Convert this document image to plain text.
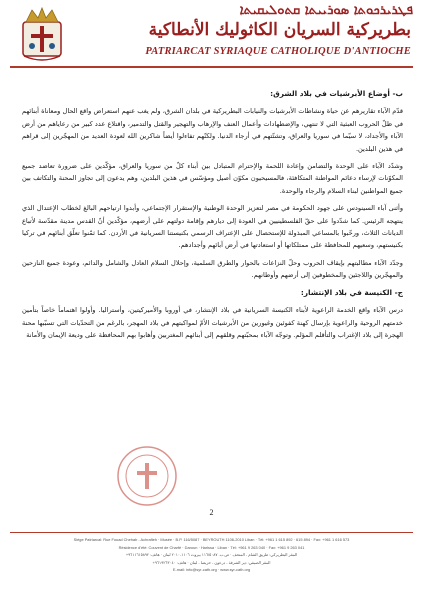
ܦܛܪܝܪܟܘܬܐ ܣܘܪܝܝܬܐ ܩܬܘܠܝܩܝܬܐ
بطريركية السريان الكاثوليك الأنطاكية
PATRIARCAT SYRIAQUE CATHOLIQUE D'ANTIOCHE
ب- أوضاع الأبرشيات في بلاد الشرق:

قدّم الآباء تقاريرهم عن حياة ونشاطات الأبرشيات والنيابات البطريركية في بلدان الشرق، ولم يغب عنهم استعراض واقع الحال ومعاناة أبنائهم في ظلّ الحروب العبثية التي لا تنتهي، والإضطهادات وأعمال العنف والإرهاب والتهجير والقتل والتدمير، واقتلاع عدد كبير من رعاياهم من أرض الآباء والأجداد، لا سيّما في سوريا والعراق، وتشتّتهم في أرجاء الدنيا. ولكنّهم تفاءلوا أيضاً شاكرين الله لعودة العديد من المهجّرين إلى قراهم في هذين البلدين.

وشدّد الآباء على الوحدة والتضامن وإعادة اللحمة والإحترام المتبادل بين أبناء كلّ من سوريا والعراق، مؤكّدين على ضرورة تعاضد جميع المكوّنات لإرساء دعائم المواطنة المتكافئة، فالمسيحيون مكوّن أصيل ومؤسّس في هذين البلدين، وهم يدعون إلى تجاوز المحنة والتكاتف بين جميع المواطنين لبناء السلام والرجاء والوحدة.

وأثنى آباء السينودس على جهود الحكومة في مصر لتعزيز الوحدة الوطنية والإستقرار الإجتماعي، وأبدوا ارتياحهم البالغ لخطاب الإعتدال الذي ينتهجه الرئيس. كما شدّدوا على حقّ الفلسطينيين في العودة إلى ديارهم وإقامة دولتهم على أرضهم، مؤكّدين أنّ القدس مدينة مقدّسة لأتباع الديانات الثلاث، ورحّبوا بالمساعي المبذولة للإستحصال على الإعتراف الرسمي بكنيستنا السريانية في الأردن. كما ثمّنوا تعلّق أبنائهم في تركيا بكنيستهم، وسعيهم للمحافظة على ممتلكاتها أو استعادتها في أرض آبائهم وأجدادهم.

وجدّد الآباء مطالبتهم بإيقاف الحروب وحلّ النزاعات بالحوار والطرق السلمية، وإحلال السلام العادل والشامل والدائم، وعودة جميع النازحين والمهجّرين واللاجئين والمخطوفين إلى أرضهم وأوطانهم.

ج- الكنيسة في بلاد الإنتشار:

درس الآباء واقع الخدمة الراعوية لأبناء الكنيسة السريانية في بلاد الإنتشار، في أوروبا والأميركيتين، وأستراليا. وأولوا اهتماماً خاصاً بتأمين خدمتهم الروحية والراعوية بإرسال كهنة كفوئين وغيورين من الأبرشيات الأمّ لمواكبتهم في بلاد المهجر، بالرغم من التحدّيات التي تسبّبها محنة الهجرة إلى بلاد الإغتراب والتأقلم المؤلم. وتوجّه الآباء بمحبّتهم وقلقهم إلى أبنائهم المغتربين وأهابوا بهم المحافظة على وديعة الإيمان والأمانة

2
Siège Patriarcal: Rue Fouad Chehab - Achrafieh · Musée · B.P. 116/5087 · BEYROUTH 1106-2010 Liban · Tél: +961 1 615 892 · 615 894 · Fax: +961 1 616 573
Résidence d'été: Couvent de Charfé · Daroun · Harissa · Liban · Tél: +961 9 263 040 · Fax: +961 9 263 041
المقر البطريركي: طريق الشام - المتحف · ص.ب. ١١٦/٥٠٨٧ بيروت ١١٠٦-٢٠١٠ لبنان · هاتف: ٩٦١١٦١٥٨٩٢+
المقر الصيفي: دير الشرفة - درعون - حريصا - لبنان · هاتف: ٩٦١٩٢٦٣٠٤٠+
E-mail: info@syr-cath.org · www.syr-cath.org
